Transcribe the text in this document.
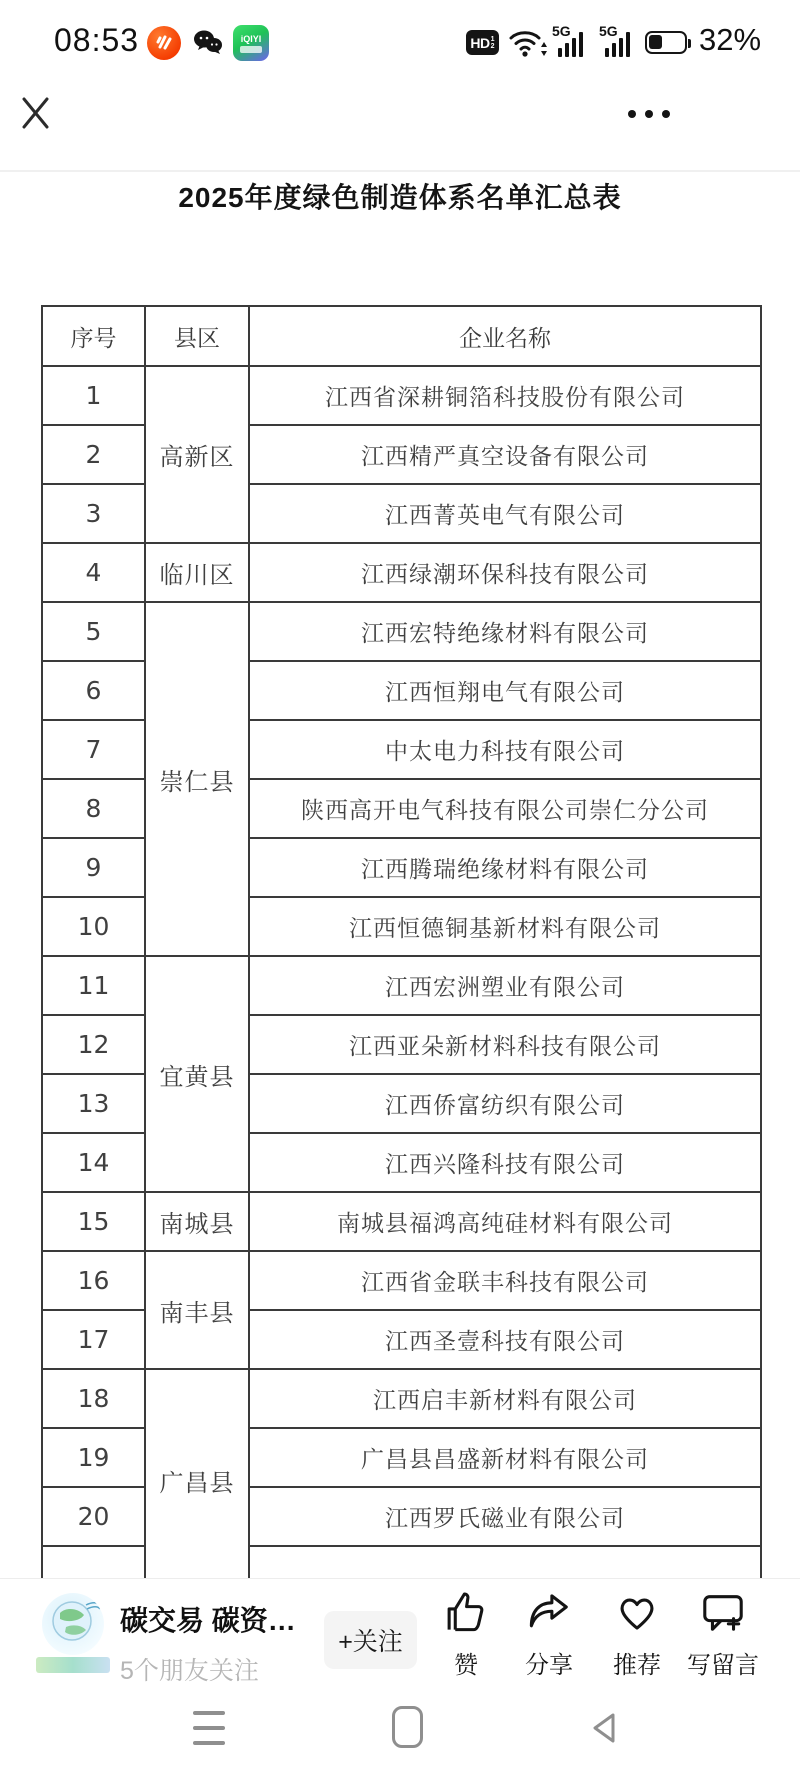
08:53	iQIYI	HD 1
2
5G 5G	32%
2025年度绿色制造体系名单汇总表
序号	县区	企业名称
1	高新区	江西省深耕铜箔科技股份有限公司
2		江西精严真空设备有限公司
3		江西菁英电气有限公司
4	临川区	江西绿潮环保科技有限公司
5	崇仁县	江西宏特绝缘材料有限公司
6		江西恒翔电气有限公司
7		中太电力科技有限公司
8		陕西高开电气科技有限公司崇仁分公司
9		江西腾瑞绝缘材料有限公司
10		江西恒德铜基新材料有限公司
11	宜黄县	江西宏洲塑业有限公司
12		江西亚朵新材料科技有限公司
13		江西侨富纺织有限公司
14		江西兴隆科技有限公司
15	南城县	南城县福鸿高纯硅材料有限公司
16	南丰县	江西省金联丰科技有限公司
17		江西圣壹科技有限公司
18	广昌县	江西启丰新材料有限公司
19		广昌县昌盛新材料有限公司
20		江西罗氏磁业有限公司

碳交易 碳资…
5个朋友关注
+关注
赞 分享 推荐 写留言
